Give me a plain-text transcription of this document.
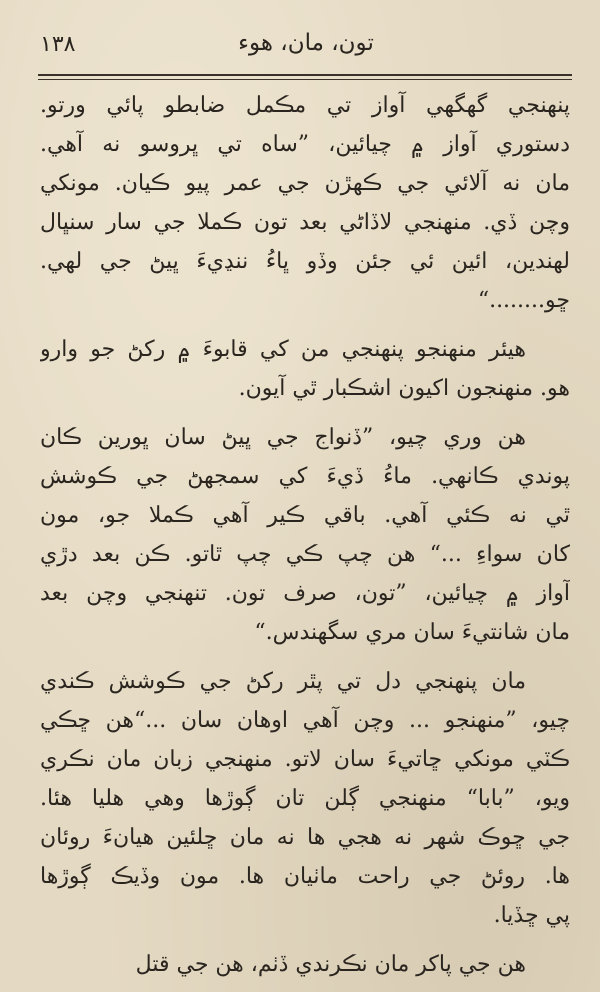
١٣٨	تون، مان، هوء
پنهنجي گهگهي آواز تي مڪمل ضابطو پائي ورتو.
دستوري آواز ۾ چيائين، ”ساه تي ڀروسو نه آهي.
مان نه آلائي جي ڪهڙن جي عمر پيو ڪيان. مونکي
وچن ڏي. منهنجي لاڏاڻي بعد تون ڪملا جي سار سنڀال
لهندين، ائين ئي جئن وڏو ڀاءُ ننڍيءَ ڀيڻ جي لهي.
ڇو........“
هيئر منهنجو پنهنجي من کي قابوءَ ۾ رکڻ جو وارو
هو. منهنجون اکيون اشڪبار ٿي آيون.
هن وري چيو، ”ڏنواج جي ڀيڻ سان ڀورين ڪان
پوندي ڪانهي. ماءُ ڏيءَ کي سمجهڻ جي ڪوشش
ٿي نه ڪئي آهي. باقي ڪير آهي ڪملا جو، مون
کان سواءِ ...“ هن چپ ڪي چپ ٿاتو. ڪن بعد دڙي
آواز ۾ چيائين، ”تون، صرف تون. تنهنجي وچن بعد
مان شانتيءَ سان مري سگهندس.“
مان پنهنجي دل تي پٿر رکڻ جي ڪوشش ڪندي
چيو، ”منهنجو ... وچن آهي اوهان سان ...“هن ڇڪي
ڪٽي مونکي ڇاتيءَ سان لاتو. منهنجي زبان مان نڪري
ويو، ”بابا“ منهنجي ڳلن تان ڳوڙها وهي هليا هئا.
جي ڇوڪ شهر نه هجي ها نه مان ڇلئين هيانءَ روئان
ها. روئڻ جي راحت ماٺيان ها. مون وڏيڪ ڳوڙها
پي ڇڏيا.
هن جي پاکر مان نڪرندي ڏٺم، هن جي قتل
